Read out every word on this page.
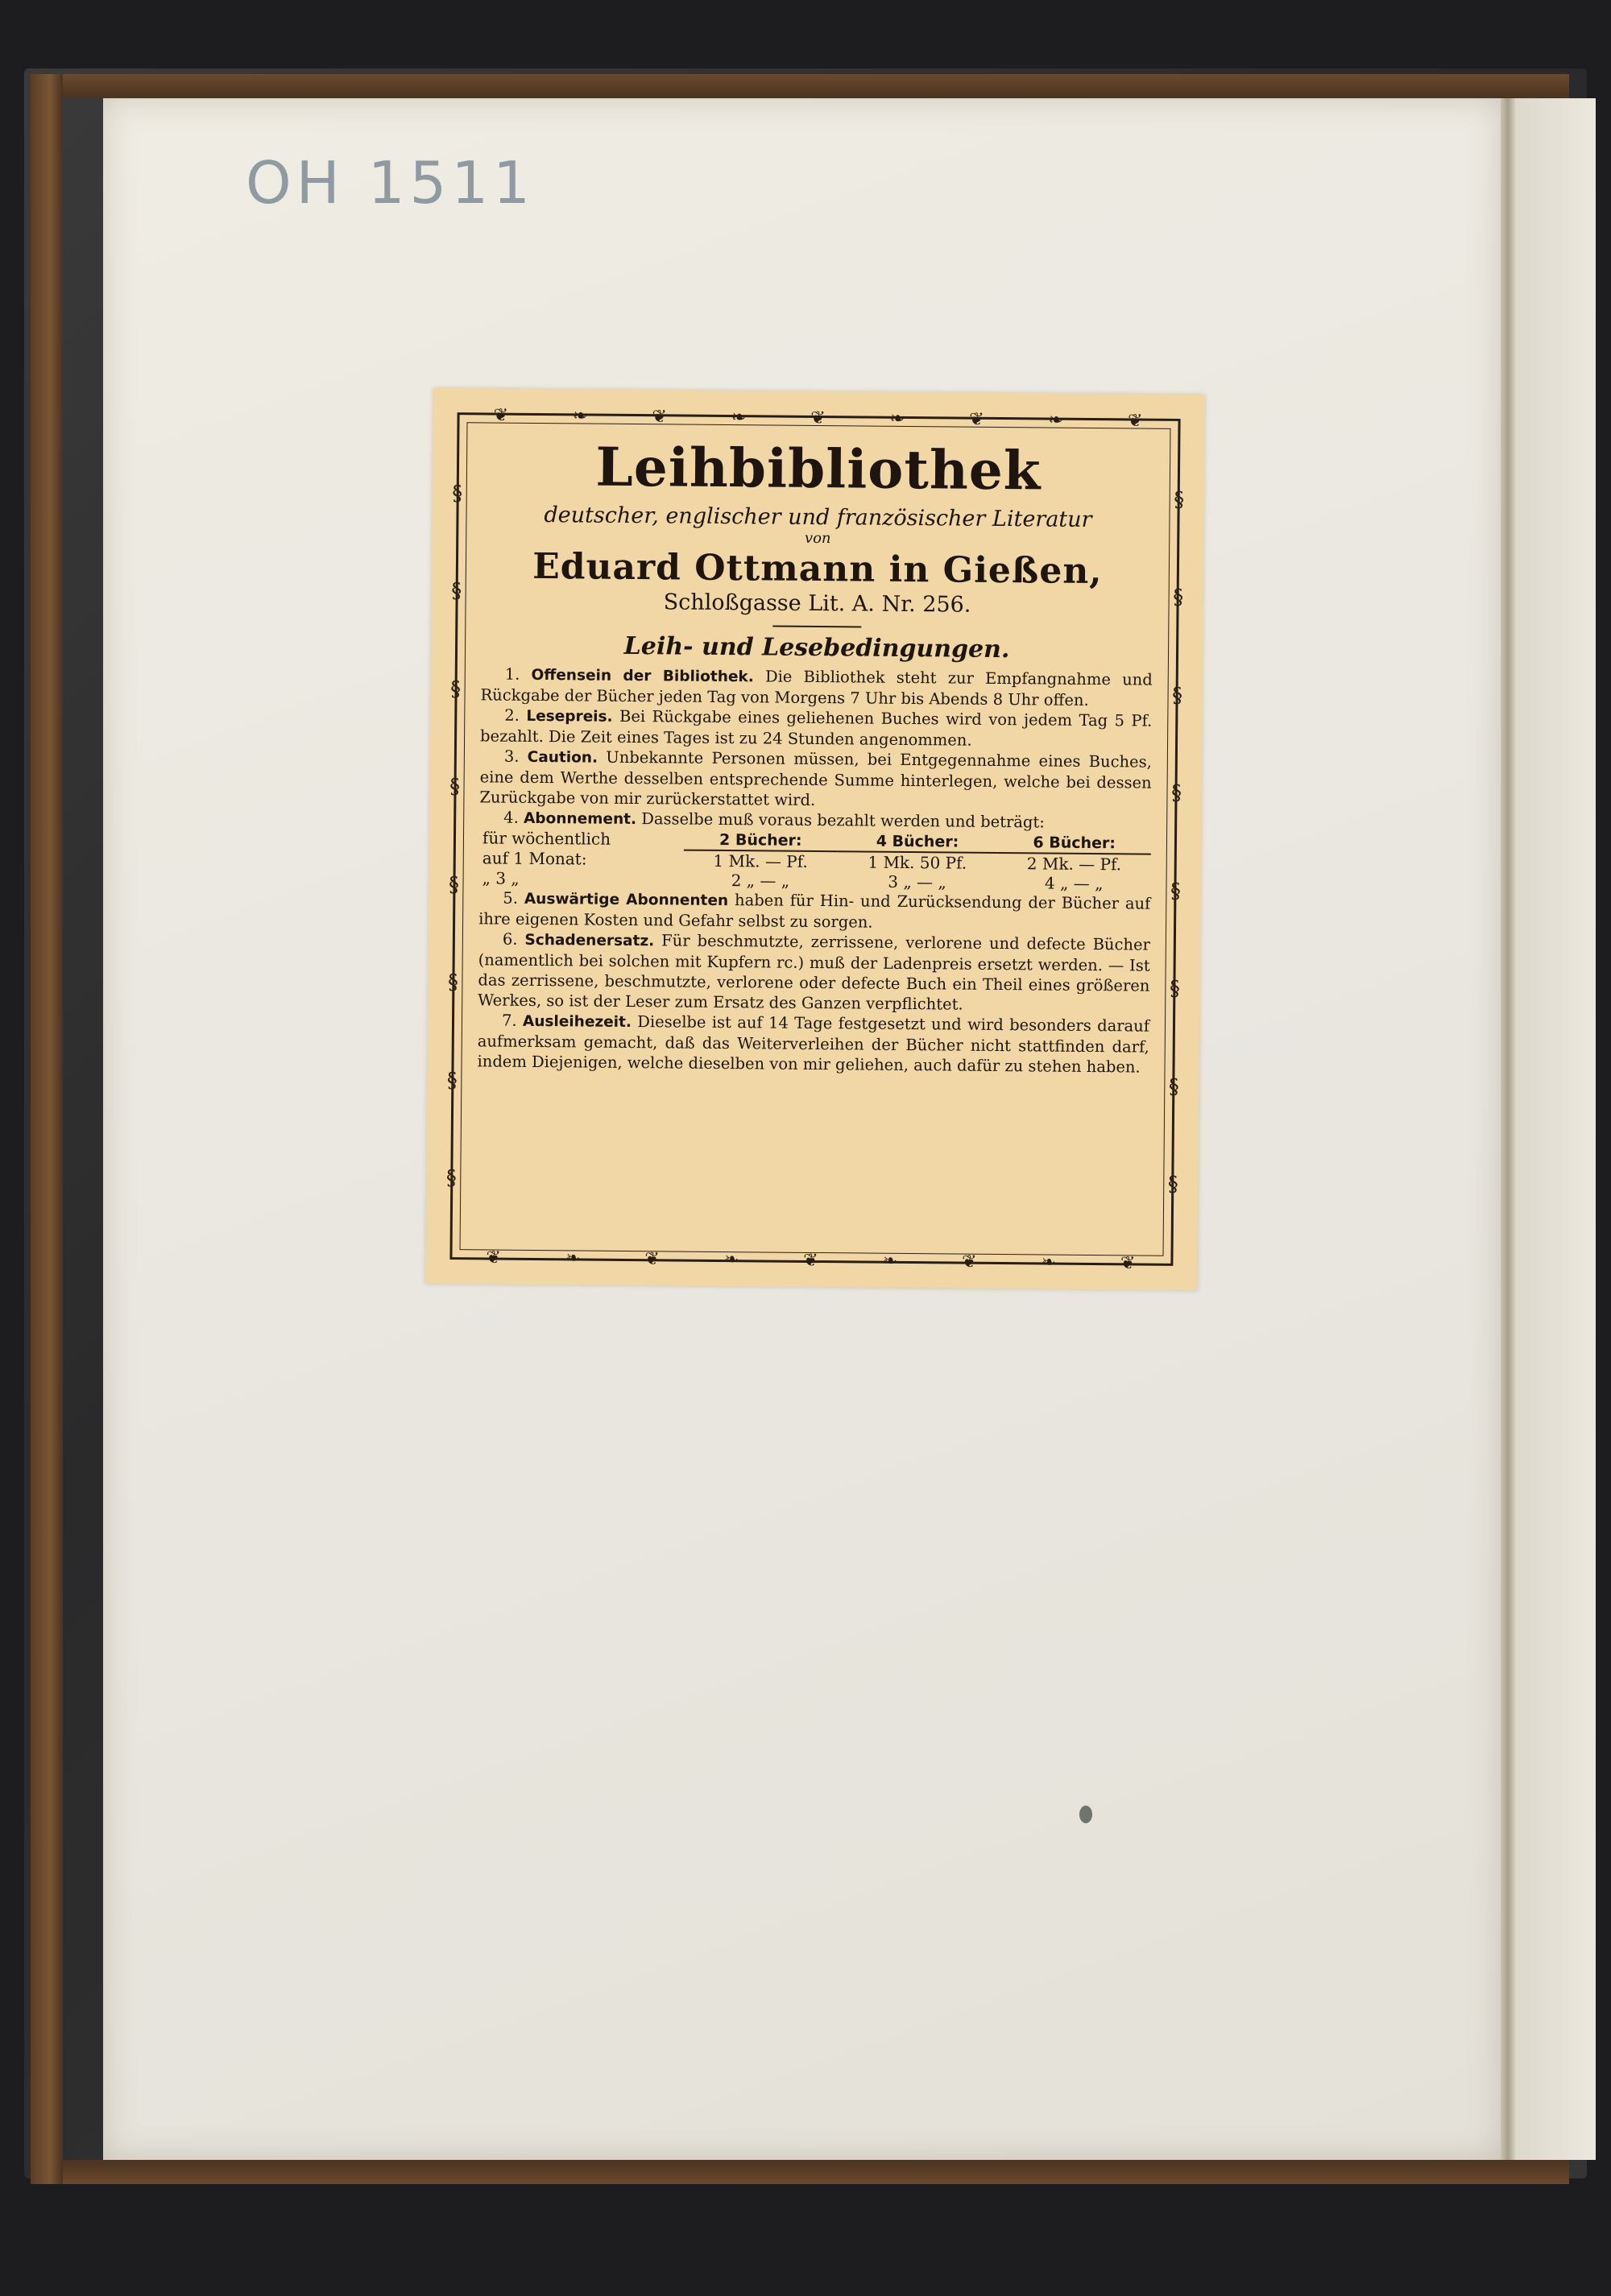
OH 1511
❦	❧	❦	❧	❦	❧	❦	❧	❦
❦	❧	❦	❧	❦	❧	❦	❧	❦
§
§
§
§
§
§
§
§
§
§
§
§
§
§
§
§
Leihbibliothek
deutscher, englischer und französischer Literatur
von
Eduard Ottmann in Gießen,
Schloßgasse Lit. A. Nr. 256.
Leih- und Lesebedingungen.

1. Offensein der Bibliothek. Die Bibliothek steht zur Empfangnahme und Rückgabe der Bücher jeden Tag von Morgens 7 Uhr bis Abends 8 Uhr offen.

2. Lesepreis. Bei Rückgabe eines geliehenen Buches wird von jedem Tag 5 Pf. bezahlt. Die Zeit eines Tages ist zu 24 Stunden angenommen.

3. Caution. Unbekannte Personen müssen, bei Entgegennahme eines Buches, eine dem Werthe desselben entsprechende Summe hinterlegen, welche bei dessen Zurückgabe von mir zurückerstattet wird.

4. Abonnement. Dasselbe muß voraus bezahlt werden und beträgt:

für wöchentlich	2 Bücher:	4 Bücher:	6 Bücher:
auf 1 Monat:	1 Mk. — Pf.	1 Mk. 50 Pf.	2 Mk. — Pf.
„ 3 „	2 „ — „	3 „ — „	4 „ — „

5. Auswärtige Abonnenten haben für Hin- und Zurücksendung der Bücher auf ihre eigenen Kosten und Gefahr selbst zu sorgen.

6. Schadenersatz. Für beschmutzte, zerrissene, verlorene und defecte Bücher (namentlich bei solchen mit Kupfern rc.) muß der Ladenpreis ersetzt werden. — Ist das zerrissene, beschmutzte, verlorene oder defecte Buch ein Theil eines größeren Werkes, so ist der Leser zum Ersatz des Ganzen verpflichtet.

7. Ausleihezeit. Dieselbe ist auf 14 Tage festgesetzt und wird besonders darauf aufmerksam gemacht, daß das Weiterverleihen der Bücher nicht stattfinden darf, indem Diejenigen, welche dieselben von mir geliehen, auch dafür zu stehen haben.
